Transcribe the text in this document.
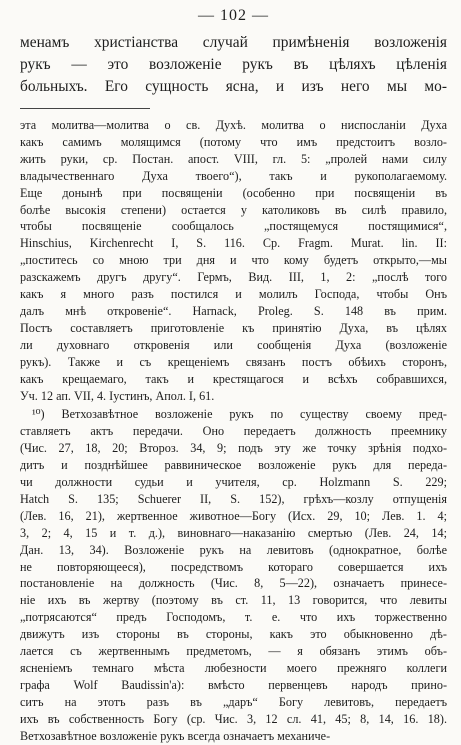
— 102 —
менамъ христіанства случай примѣненія возложенія
рукъ — это возложеніе рукъ въ цѣляхъ цѣленія
больныхъ. Его сущность ясна, и изъ него мы мо-
эта молитва—молитва о св. Духѣ. молитва о ниспосланіи Духа
какъ самимъ молящимся (потому что имъ предстоитъ возло-
жить руки, ср. Постан. апост. VIII, гл. 5: „пролей нами силу
владычественнаго Духа твоего“), такъ и рукополагаемому.
Еще донынѣ при посвященіи (особенно при посвященіи въ
болѣе высокія степени) остается у католиковъ въ силѣ правило,
чтобы посвященіе сообщалось „постящемуся постящимися“,
Hinschius, Kirchenrecht I, S. 116. Ср. Fragm. Murat. lin. II:
„поститесь со мною три дня и что кому будетъ открыто,—мы
разскажемъ другъ другу“. Гермъ, Вид. III, 1, 2: „послѣ того
какъ я много разъ постился и молилъ Господа, чтобы Онъ
далъ мнѣ откровеніе“. Harnack, Proleg. S. 148 въ прим.
Постъ составляетъ приготовленіе къ принятію Духа, въ цѣлях
ли духовнаго откровенія или сообщенія Духа (возложеніе
рукъ). Также и съ крещеніемъ связанъ постъ обѣихъ сторонъ,
какъ крещаемаго, такъ и крестящагося и всѣхъ собравшихся,
Уч. 12 ап. VII, 4. Іустинъ, Апол. I, 61.
¹⁰) Ветхозавѣтное возложеніе рукъ по существу своему пред-
ставляетъ актъ передачи. Оно передаетъ должность преемнику
(Чис. 27, 18, 20; Второз. 34, 9; подъ эту же точку зрѣнія подхо-
дитъ и позднѣйшее раввиническое возложеніе рукъ для переда-
чи должности судьи и учителя, ср. Holzmann S. 229;
Hatch S. 135; Schuerer II, S. 152), грѣхъ—козлу отпущенія
(Лев. 16, 21), жертвенное животное—Богу (Исх. 29, 10; Лев. 1. 4;
3, 2; 4, 15 и т. д.), виновнаго—наказанію смертью (Лев. 24, 14;
Дан. 13, 34). Возложеніе рукъ на левитовъ (однократное, болѣе
не повторяющееся), посредствомъ котораго совершается ихъ
постановленіе на должность (Чис. 8, 5—22), означаетъ принесе-
ніе ихъ въ жертву (поэтому въ ст. 11, 13 говорится, что левиты
„потрясаются“ предъ Господомъ, т. е. что ихъ торжественно
движутъ изъ стороны въ стороны, какъ это обыкновенно дѣ-
лается съ жертвеннымъ предметомъ, — я обязанъ этимъ объ-
ясненіемъ темнаго мѣста любезности моего прежняго коллеги
графа Wolf Baudissin'a): вмѣсто первенцевъ народъ прино-
ситъ на этотъ разъ въ „даръ“ Богу левитовъ, передаетъ
ихъ въ собственность Богу (ср. Чис. 3, 12 сл. 41, 45; 8, 14, 16. 18).
Ветхозавѣтное возложеніе рукъ всегда означаетъ механиче-
